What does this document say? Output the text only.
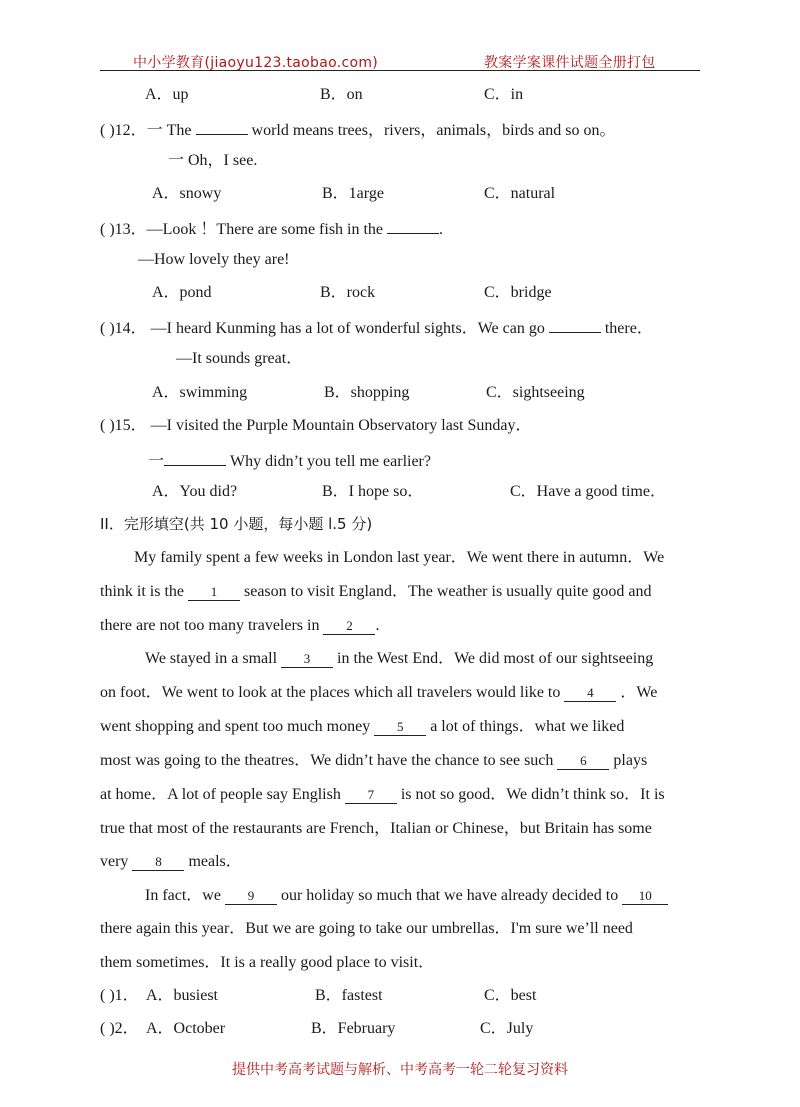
中小学教育(jiaoyu123.taobao.com)	教案学案课件试题全册打包
A．up	B．on	C．in
( )12．一 The	world means trees，rivers，animals，birds and so on。
一 Oh，I see.
A．snowy	B．1arge	C．natural
( )13．—Look ！There are some fish in the	.
—How lovely they are!
A．pond	B．rock	C．bridge
( )14． —I heard Kunming has a lot of wonderful sights．We can go	there．
—It sounds great．
A．swimming	B．shopping	C．sightseeing
( )15． —I visited the Purple Mountain Observatory last Sunday．
一	Why didn’t you tell me earlier?
A．You did?	B．I hope so．	C．Have a good time．
II．完形填空(共 10 小题，每小题 l.5 分)
My family spent a few weeks in London last year．We went there in autumn．We
think it is the 1 season to visit England．The weather is usually quite good and
there are not too many travelers in 2 .
We stayed in a small 3 in the West End．We did most of our sightseeing
on foot．We went to look at the places which all travelers would like to 4 ．We
went shopping and spent too much money 5 a lot of things．what we liked
most was going to the theatres．We didn’t have the chance to see such 6 plays
at home．A lot of people say English 7 is not so good．We didn’t think so．It is
true that most of the restaurants are French，Italian or Chinese，but Britain has some
very 8 meals．
In fact．we 9 our holiday so much that we have already decided to 10
there again this year．But we are going to take our umbrellas．I'm sure we’ll need
them sometimes．It is a really good place to visit．
( )1． A．busiest	B．fastest	C．best
( )2． A．October	B．February	C．July
提供中考高考试题与解析、中考高考一轮二轮复习资料
